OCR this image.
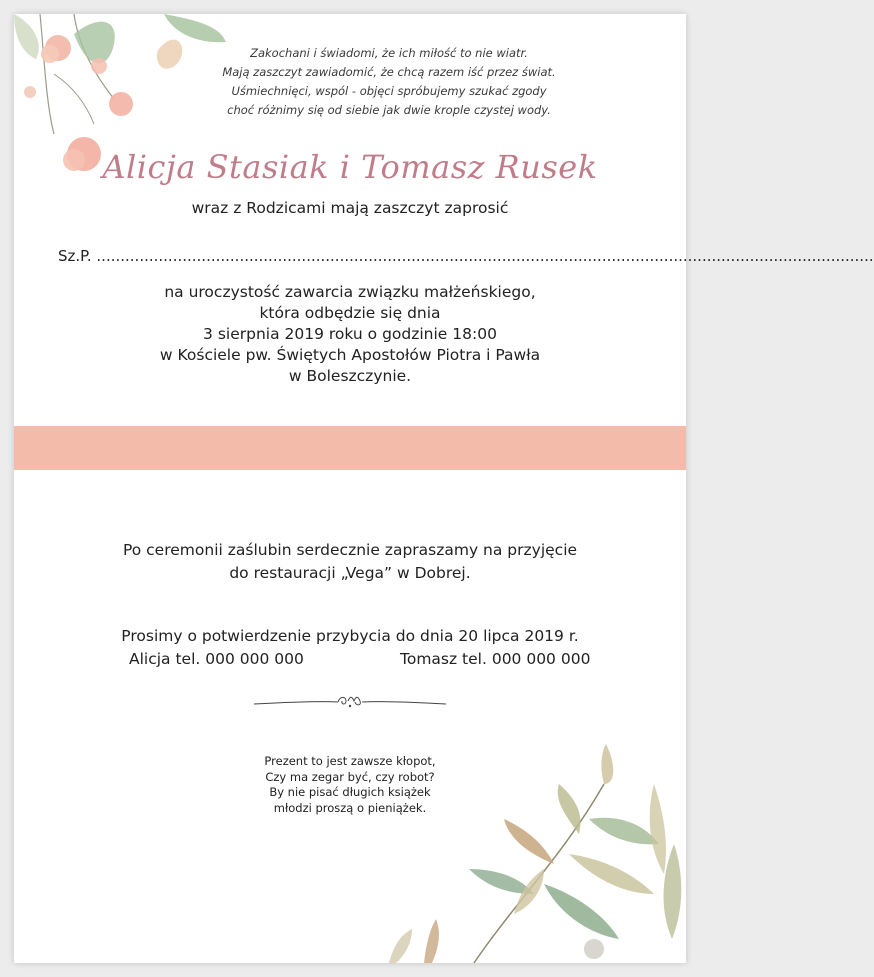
Zakochani i świadomi, że ich miłość to nie wiatr.
Mają zaszczyt zawiadomić, że chcą razem iść przez świat.
Uśmiechnięci, wspól - objęci spróbujemy szukać zgody
choć różnimy się od siebie jak dwie krople czystej wody.
Alicja Stasiak i Tomasz Rusek
wraz z Rodzicami mają zaszczyt zaprosić
Sz.P. ...................................................................................................................................................................
na uroczystość zawarcia związku małżeńskiego,
która odbędzie się dnia
3 sierpnia 2019 roku o godzinie 18:00
w Kościele pw. Świętych Apostołów Piotra i Pawła
w Boleszczynie.
Po ceremonii zaślubin serdecznie zapraszamy na przyjęcie
do restauracji „Vega” w Dobrej.
Prosimy o potwierdzenie przybycia do dnia 20 lipca 2019 r.
Alicja tel. 000 000 000	Tomasz tel. 000 000 000
Prezent to jest zawsze kłopot,
Czy ma zegar być, czy robot?
By nie pisać długich książek
młodzi proszą o pieniążek.
